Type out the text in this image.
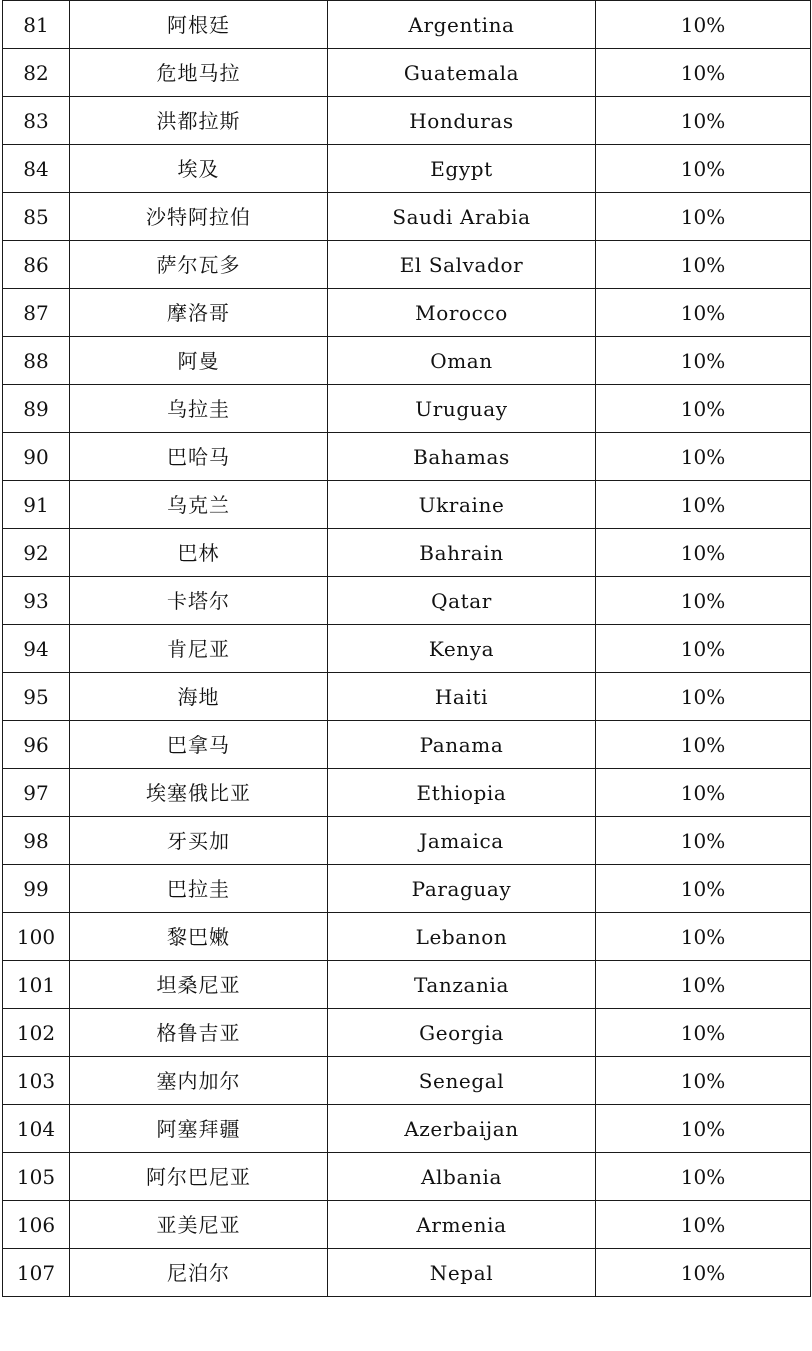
81	阿根廷	Argentina	10%
82	危地马拉	Guatemala	10%
83	洪都拉斯	Honduras	10%
84	埃及	Egypt	10%
85	沙特阿拉伯	Saudi Arabia	10%
86	萨尔瓦多	El Salvador	10%
87	摩洛哥	Morocco	10%
88	阿曼	Oman	10%
89	乌拉圭	Uruguay	10%
90	巴哈马	Bahamas	10%
91	乌克兰	Ukraine	10%
92	巴林	Bahrain	10%
93	卡塔尔	Qatar	10%
94	肯尼亚	Kenya	10%
95	海地	Haiti	10%
96	巴拿马	Panama	10%
97	埃塞俄比亚	Ethiopia	10%
98	牙买加	Jamaica	10%
99	巴拉圭	Paraguay	10%
100	黎巴嫩	Lebanon	10%
101	坦桑尼亚	Tanzania	10%
102	格鲁吉亚	Georgia	10%
103	塞内加尔	Senegal	10%
104	阿塞拜疆	Azerbaijan	10%
105	阿尔巴尼亚	Albania	10%
106	亚美尼亚	Armenia	10%
107	尼泊尔	Nepal	10%
